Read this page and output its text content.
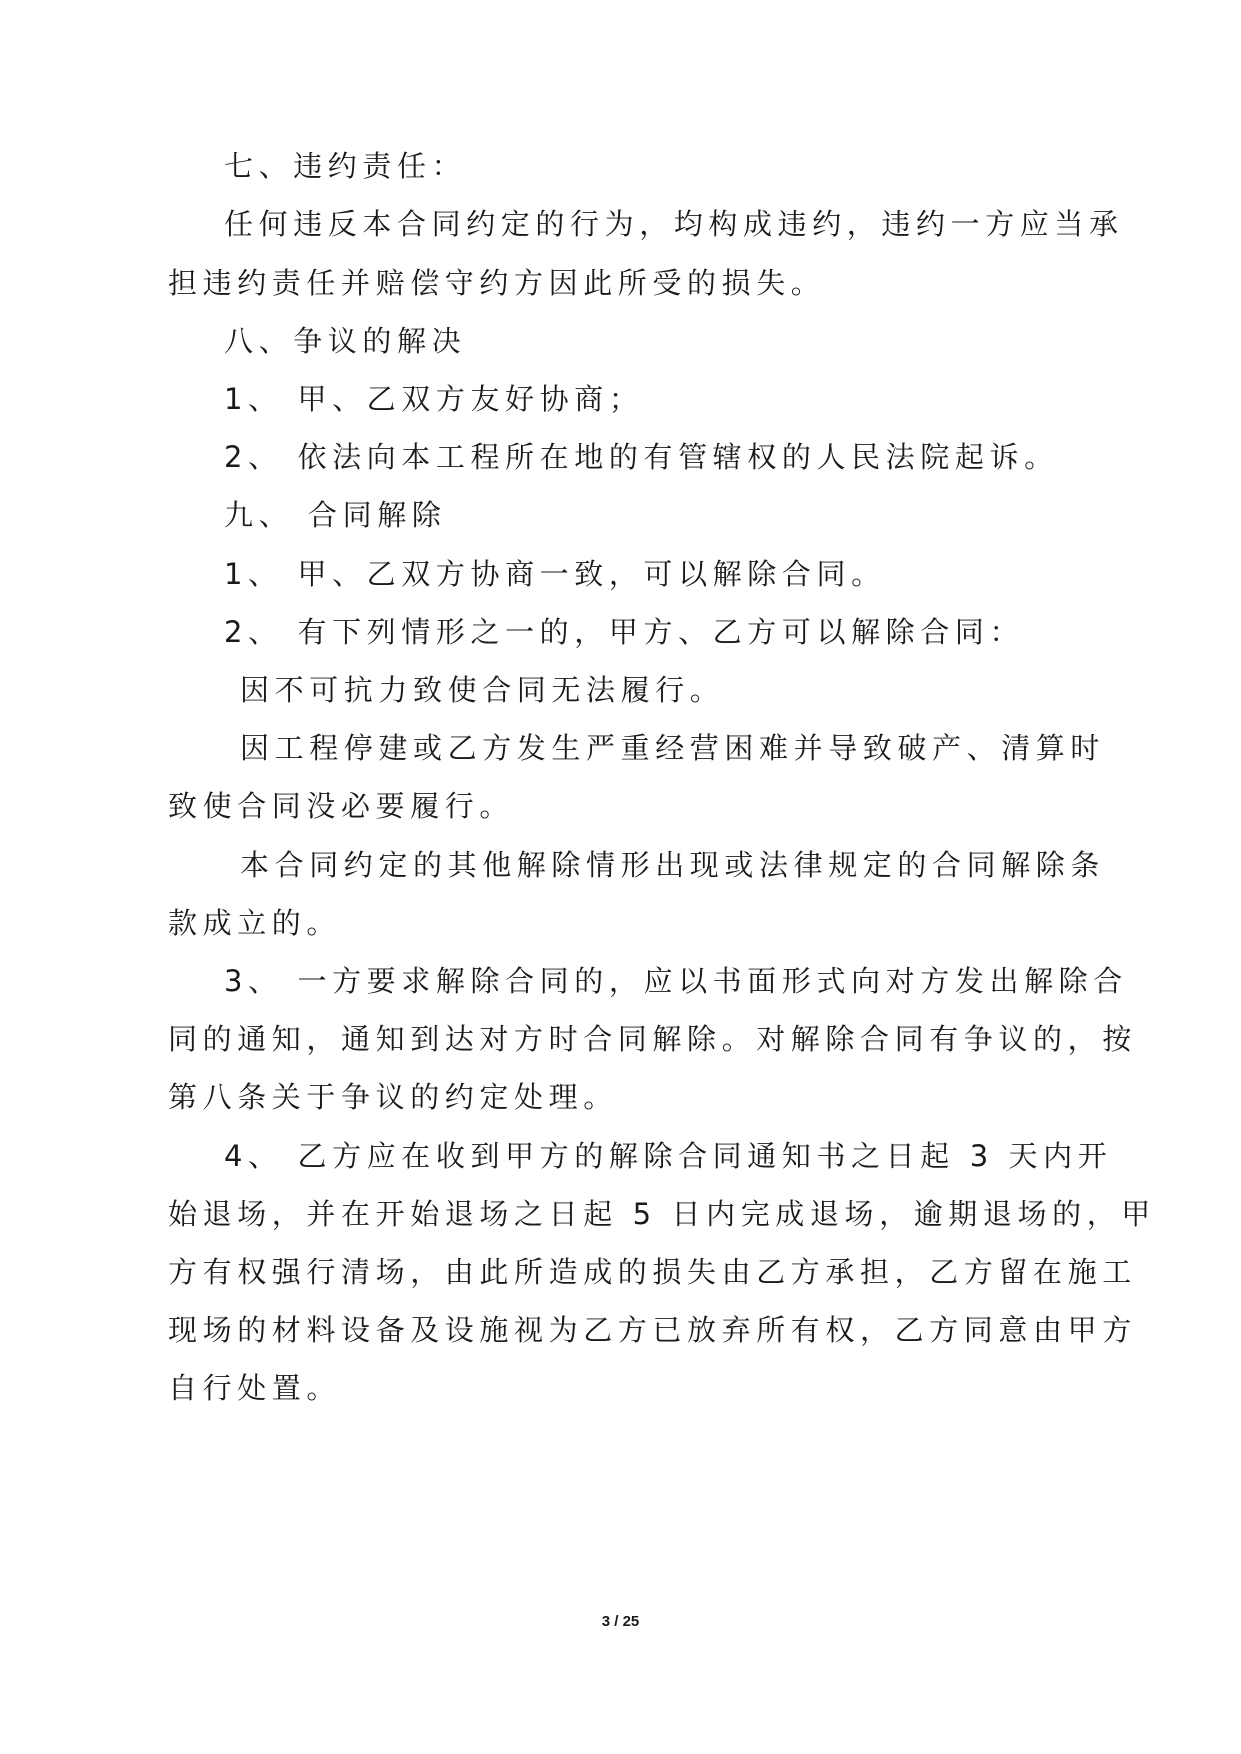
七、违约责任：
任何违反本合同约定的行为，均构成违约，违约一方应当承
担违约责任并赔偿守约方因此所受的损失。
八、争议的解决
1、 甲、乙双方友好协商；
2、 依法向本工程所在地的有管辖权的人民法院起诉。
九、 合同解除
1、 甲、乙双方协商一致，可以解除合同。
2、 有下列情形之一的，甲方、乙方可以解除合同：
因不可抗力致使合同无法履行。
因工程停建或乙方发生严重经营困难并导致破产、清算时
致使合同没必要履行。
本合同约定的其他解除情形出现或法律规定的合同解除条
款成立的。
3、 一方要求解除合同的，应以书面形式向对方发出解除合
同的通知，通知到达对方时合同解除。对解除合同有争议的，按
第八条关于争议的约定处理。
4、 乙方应在收到甲方的解除合同通知书之日起 3 天内开
始退场，并在开始退场之日起 5 日内完成退场，逾期退场的，甲
方有权强行清场，由此所造成的损失由乙方承担，乙方留在施工
现场的材料设备及设施视为乙方已放弃所有权，乙方同意由甲方
自行处置。
3 / 25
